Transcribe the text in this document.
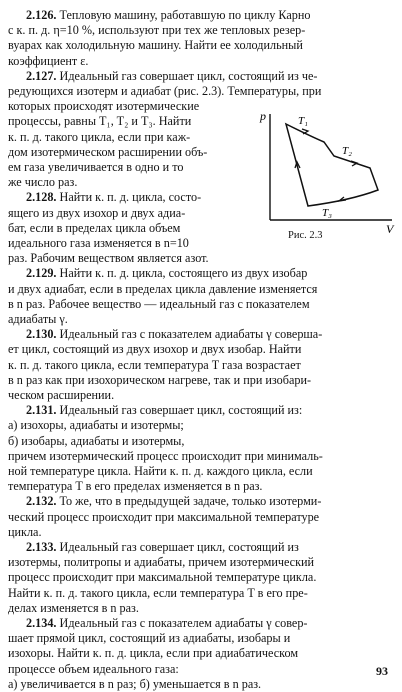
2.126. Тепловую машину, работавшую по циклу Карно
с к. п. д. η=10 %, используют при тех же тепловых резер-
вуарах как холодильную машину. Найти ее холодильный
коэффициент ε.
2.127. Идеальный газ совершает цикл, состоящий из че-
редующихся изотерм и адиабат (рис. 2.3). Температуры, при
которых происходят изотермические
процессы, равны T₁, T₂ и T₃. Найти
к. п. д. такого цикла, если при каж-
дом изотермическом расширении объ-
ем газа увеличивается в одно и то
же число раз.
2.128. Найти к. п. д. цикла, состо-
ящего из двух изохор и двух адиа-
бат, если в пределах цикла объем
идеального газа изменяется в n=10
раз. Рабочим веществом является азот.
2.129. Найти к. п. д. цикла, состоящего из двух изобар
и двух адиабат, если в пределах цикла давление изменяется
в n раз. Рабочее вещество — идеальный газ с показателем
адиабаты γ.
2.130. Идеальный газ с показателем адиабаты γ совершa-
ет цикл, состоящий из двух изохор и двух изобар. Найти
к. п. д. такого цикла, если температура T газа возрастает
в n раз как при изохорическом нагреве, так и при изобари-
ческом расширении.
2.131. Идеальный газ совершает цикл, состоящий из:
а) изохоры, адиабаты и изотермы;
б) изобары, адиабаты и изотермы,
причем изотермический процесс происходит при минималь-
ной температуре цикла. Найти к. п. д. каждого цикла, если
температура T в его пределах изменяется в n раз.
2.132. То же, что в предыдущей задаче, только изотерми-
ческий процесс происходит при максимальной температуре
цикла.
2.133. Идеальный газ совершает цикл, состоящий из
изотермы, политропы и адиабаты, причем изотермический
процесс происходит при максимальной температуре цикла.
Найти к. п. д. такого цикла, если температура T в его пре-
делах изменяется в n раз.
2.134. Идеальный газ с показателем адиабаты γ совер-
шает прямой цикл, состоящий из адиабаты, изобары и
изохоры. Найти к. п. д. цикла, если при адиабатическом
процессе объем идеального газа:
а) увеличивается в n раз; б) уменьшается в n раз.
p
V
T₁
T₂
T₃
Рис. 2.3
93
